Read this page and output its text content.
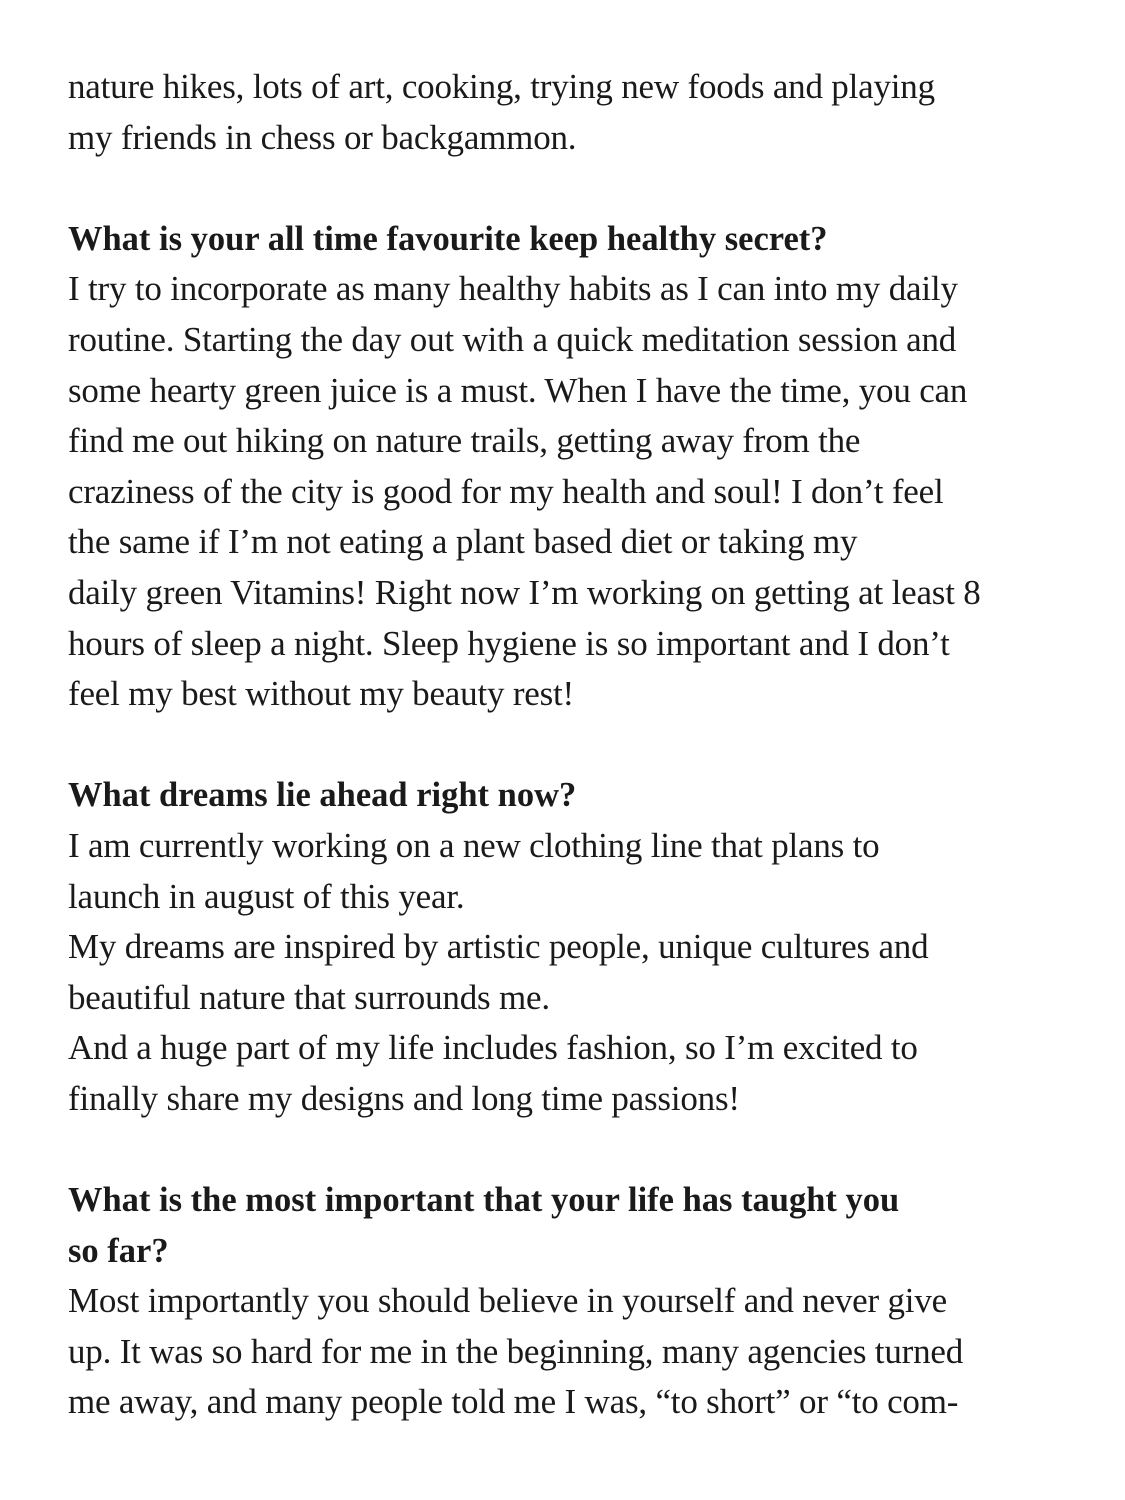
nature hikes, lots of art, cooking, trying new foods and playing
my friends in chess or backgammon.
What is your all time favourite keep healthy secret?
I try to incorporate as many healthy habits as I can into my daily
routine. Starting the day out with a quick meditation session and
some hearty green juice is a must. When I have the time, you can
find me out hiking on nature trails, getting away from the
craziness of the city is good for my health and soul! I don’t feel
the same if I’m not eating a plant based diet or taking my
daily green Vitamins! Right now I’m working on getting at least 8
hours of sleep a night. Sleep hygiene is so important and I don’t
feel my best without my beauty rest!
What dreams lie ahead right now?
I am currently working on a new clothing line that plans to
launch in august of this year.
My dreams are inspired by artistic people, unique cultures and
beautiful nature that surrounds me.
And a huge part of my life includes fashion, so I’m excited to
finally share my designs and long time passions!
What is the most important that your life has taught you
so far?
Most importantly you should believe in yourself and never give
up. It was so hard for me in the beginning, many agencies turned
me away, and many people told me I was, “to short” or “to com-
